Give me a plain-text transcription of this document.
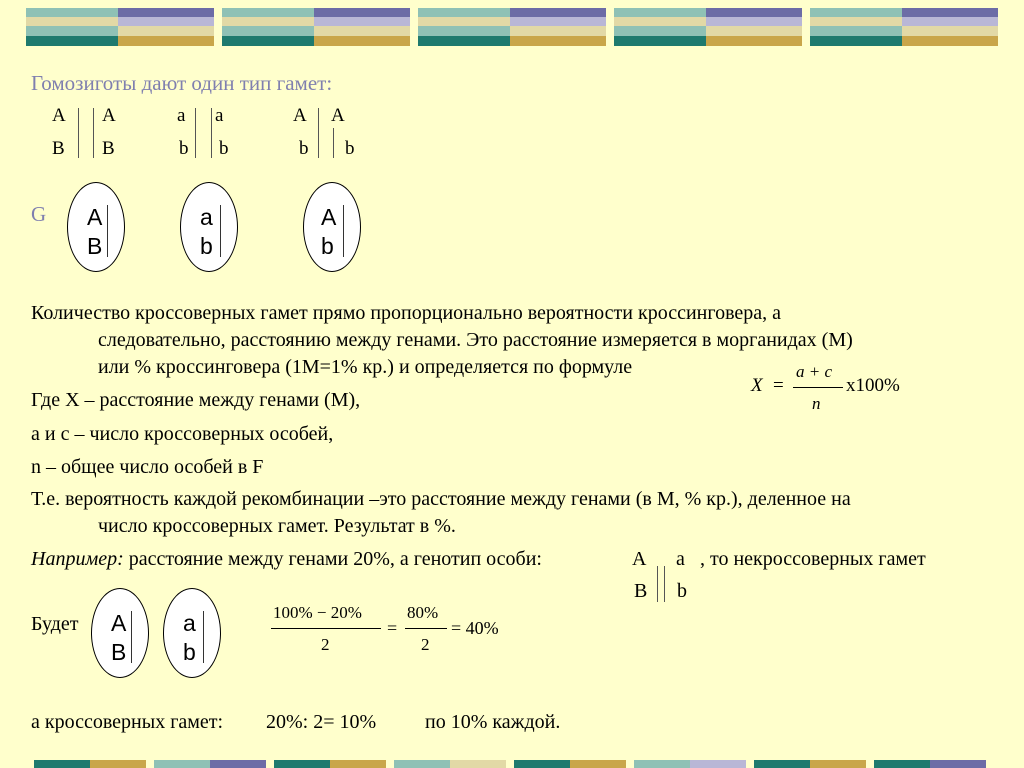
Гомозиготы дают один тип гамет:
A A
B B
a a
b b
A A
b b
G A
B
a
b
A
b
Количество кроссоверных гамет прямо пропорционально вероятности кроссинговера, а
следовательно, расстоянию между генами. Это расстояние измеряется в морганидах (М)
или % кроссинговера (1М=1% кр.) и определяется по формуле
X =
a + c
n
x100%
Где Х – расстояние между генами (М),
а и с – число кроссоверных особей,
n – общее число особей в F
Т.е. вероятность каждой рекомбинации –это расстояние между генами (в М, % кр.), деленное на
число кроссоверных гамет. Результат в %.
Например: расстояние между генами 20%, а генотип особи:	A a , то некроссоверных гамет
B b
Будет A
B
a
b
100% − 20%
2
=
80%
2
= 40%
а кроссоверных гамет: 20%: 2= 10% по 10% каждой.
